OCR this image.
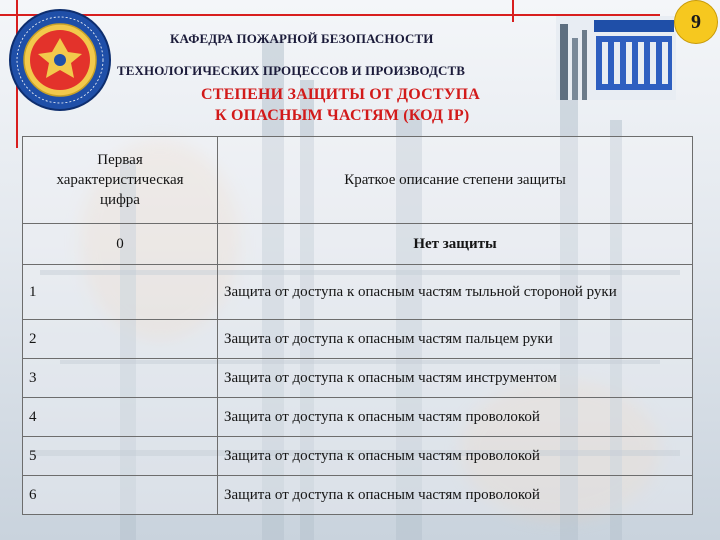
КАФЕДРА ПОЖАРНОЙ БЕЗОПАСНОСТИ
ТЕХНОЛОГИЧЕСКИХ ПРОЦЕССОВ И ПРОИЗВОДСТВ
СТЕПЕНИ ЗАЩИТЫ ОТ ДОСТУПА
К ОПАСНЫМ ЧАСТЯМ (КОД IP)
9
Первая
характеристическая
цифра	Краткое описание степени защиты
0	Нет защиты
1	Защита от доступа к опасным частям тыльной стороной руки
2	Защита от доступа к опасным частям пальцем руки
3	Защита от доступа к опасным частям инструментом
4	Защита от доступа к опасным частям проволокой
5	Защита от доступа к опасным частям проволокой
6	Защита от доступа к опасным частям проволокой
